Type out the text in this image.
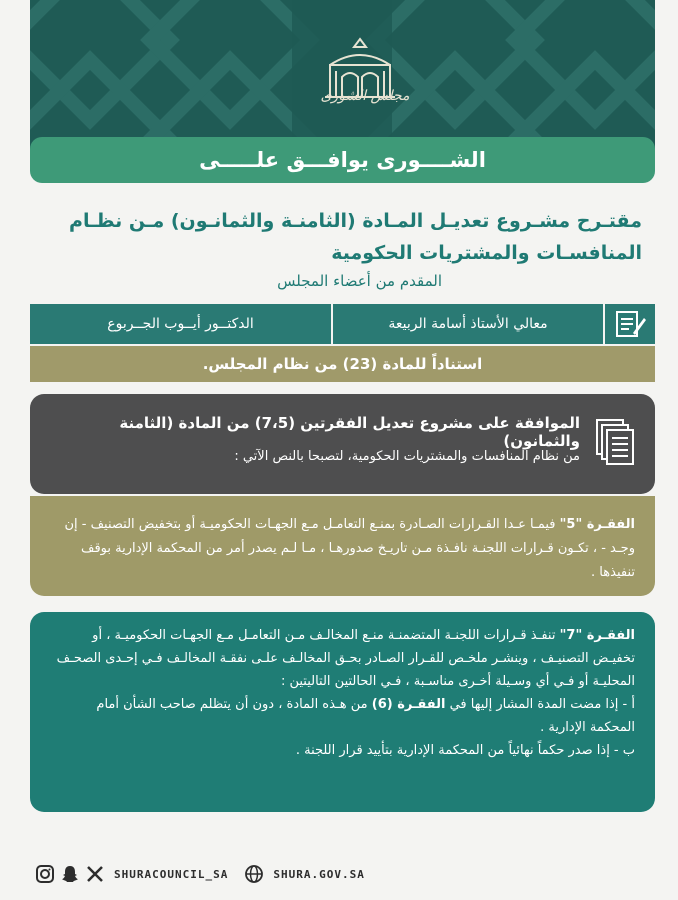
مجلس الشورى
الشــــورى يوافـــق علـــــى
مقتـرح مشـروع تعديـل المـادة (الثامنـة والثمانـون) مـن نظـام المنافسـات والمشتريات الحكومية
المقدم من أعضاء المجلس
معالي الأستاذ أسامة الربيعة
الدكتــور أيــوب الجــربوع
استناداً للمادة (23) من نظام المجلس.
الموافقة على مشروع تعديل الفقرتين (7،5) من المادة (الثامنة والثمانون)
من نظام المنافسات والمشتريات الحكومية، لتصبحا بالنص الآتي :
الفقـرة "5" فيمـا عـدا القـرارات الصـادرة بمنـع التعامـل مـع الجهـات الحكوميـة أو بتخفيض التصنيف - إن وجـد - ، تكـون قـرارات اللجنـة نافـذة مـن تاريـخ صدورهـا ، مـا لـم يصدر أمر من المحكمة الإدارية بوقف تنفيذها .
الفقـرة "7" تنفـذ قـرارات اللجنـة المتضمنـة منـع المخالـف مـن التعامـل مـع الجهـات الحكوميـة ، أو تخفيـض التصنيـف ، وينشـر ملخـص للقـرار الصـادر بحـق المخالـف علـى نفقـة المخالـف فـي إحـدى الصحـف المحليـة أو فـي أي وسـيلة أخـرى مناسـبة ، فـي الحالتين التاليتين :
أ - إذا مضت المدة المشار إليها في الفقـرة (6) من هـذه المادة ، دون أن يتظلم صاحب الشأن أمام المحكمة الإدارية .
ب - إذا صدر حكماً نهائياً من المحكمة الإدارية بتأييد قرار اللجنة .
SHURACOUNCIL_SA	SHURA.GOV.SA
